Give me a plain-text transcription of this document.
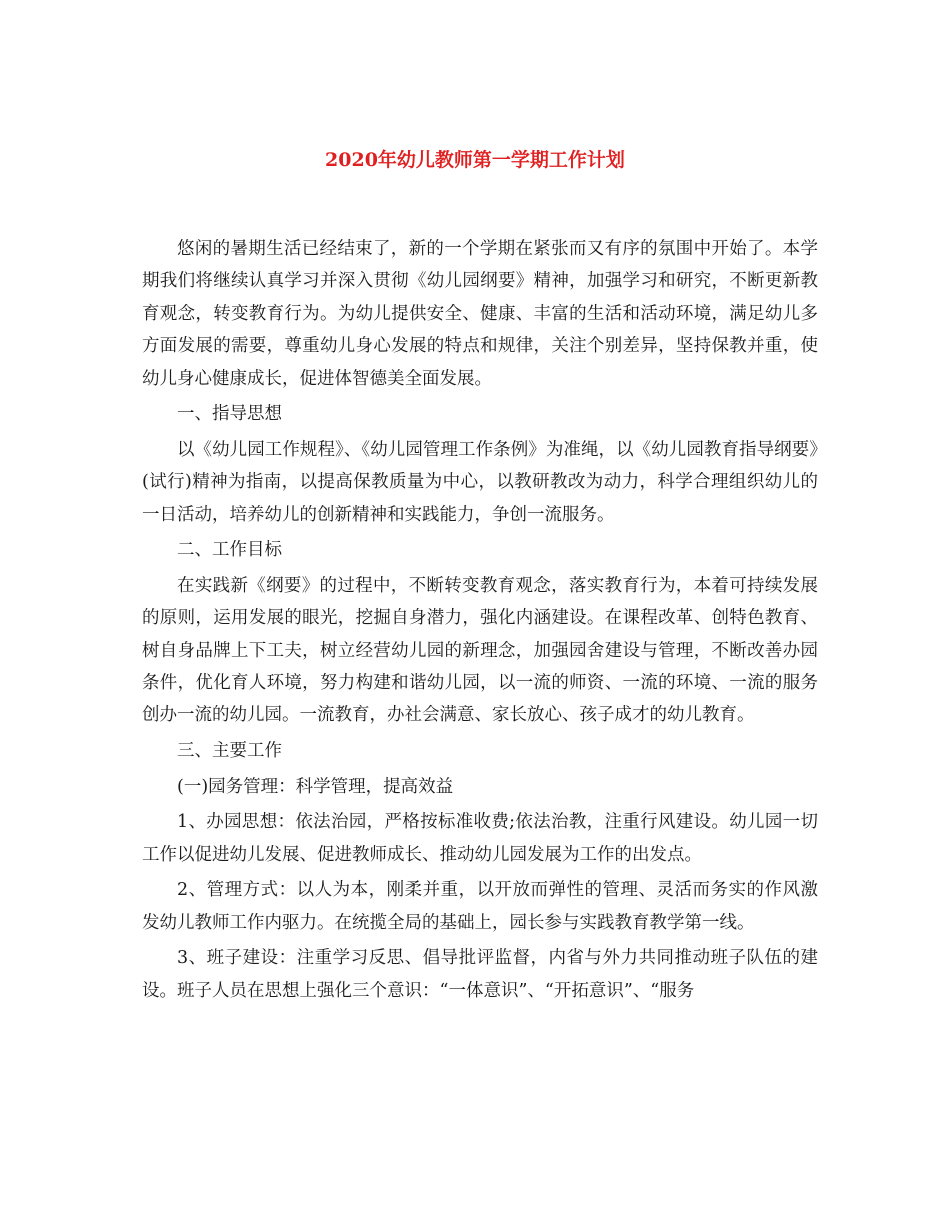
2020年幼儿教师第一学期工作计划

悠闲的暑期生活已经结束了，新的一个学期在紧张而又有序的氛围中开始了。本学期我们将继续认真学习并深入贯彻《幼儿园纲要》精神，加强学习和研究，不断更新教育观念，转变教育行为。为幼儿提供安全、健康、丰富的生活和活动环境，满足幼儿多方面发展的需要，尊重幼儿身心发展的特点和规律，关注个别差异，坚持保教并重，使幼儿身心健康成长，促进体智德美全面发展。

一、指导思想

以《幼儿园工作规程》、《幼儿园管理工作条例》为准绳，以《幼儿园教育指导纲要》(试行)精神为指南，以提高保教质量为中心，以教研教改为动力，科学合理组织幼儿的一日活动，培养幼儿的创新精神和实践能力，争创一流服务。

二、工作目标

在实践新《纲要》的过程中，不断转变教育观念，落实教育行为，本着可持续发展的原则，运用发展的眼光，挖掘自身潜力，强化内涵建设。在课程改革、创特色教育、树自身品牌上下工夫，树立经营幼儿园的新理念，加强园舍建设与管理，不断改善办园条件，优化育人环境，努力构建和谐幼儿园，以一流的师资、一流的环境、一流的服务创办一流的幼儿园。一流教育，办社会满意、家长放心、孩子成才的幼儿教育。

三、主要工作

(一)园务管理：科学管理，提高效益

1、办园思想：依法治园，严格按标准收费;依法治教，注重行风建设。幼儿园一切工作以促进幼儿发展、促进教师成长、推动幼儿园发展为工作的出发点。

2、管理方式：以人为本，刚柔并重，以开放而弹性的管理、灵活而务实的作风激发幼儿教师工作内驱力。在统揽全局的基础上，园长参与实践教育教学第一线。

3、班子建设：注重学习反思、倡导批评监督，内省与外力共同推动班子队伍的建设。班子人员在思想上强化三个意识：“一体意识”、“开拓意识”、“服务
